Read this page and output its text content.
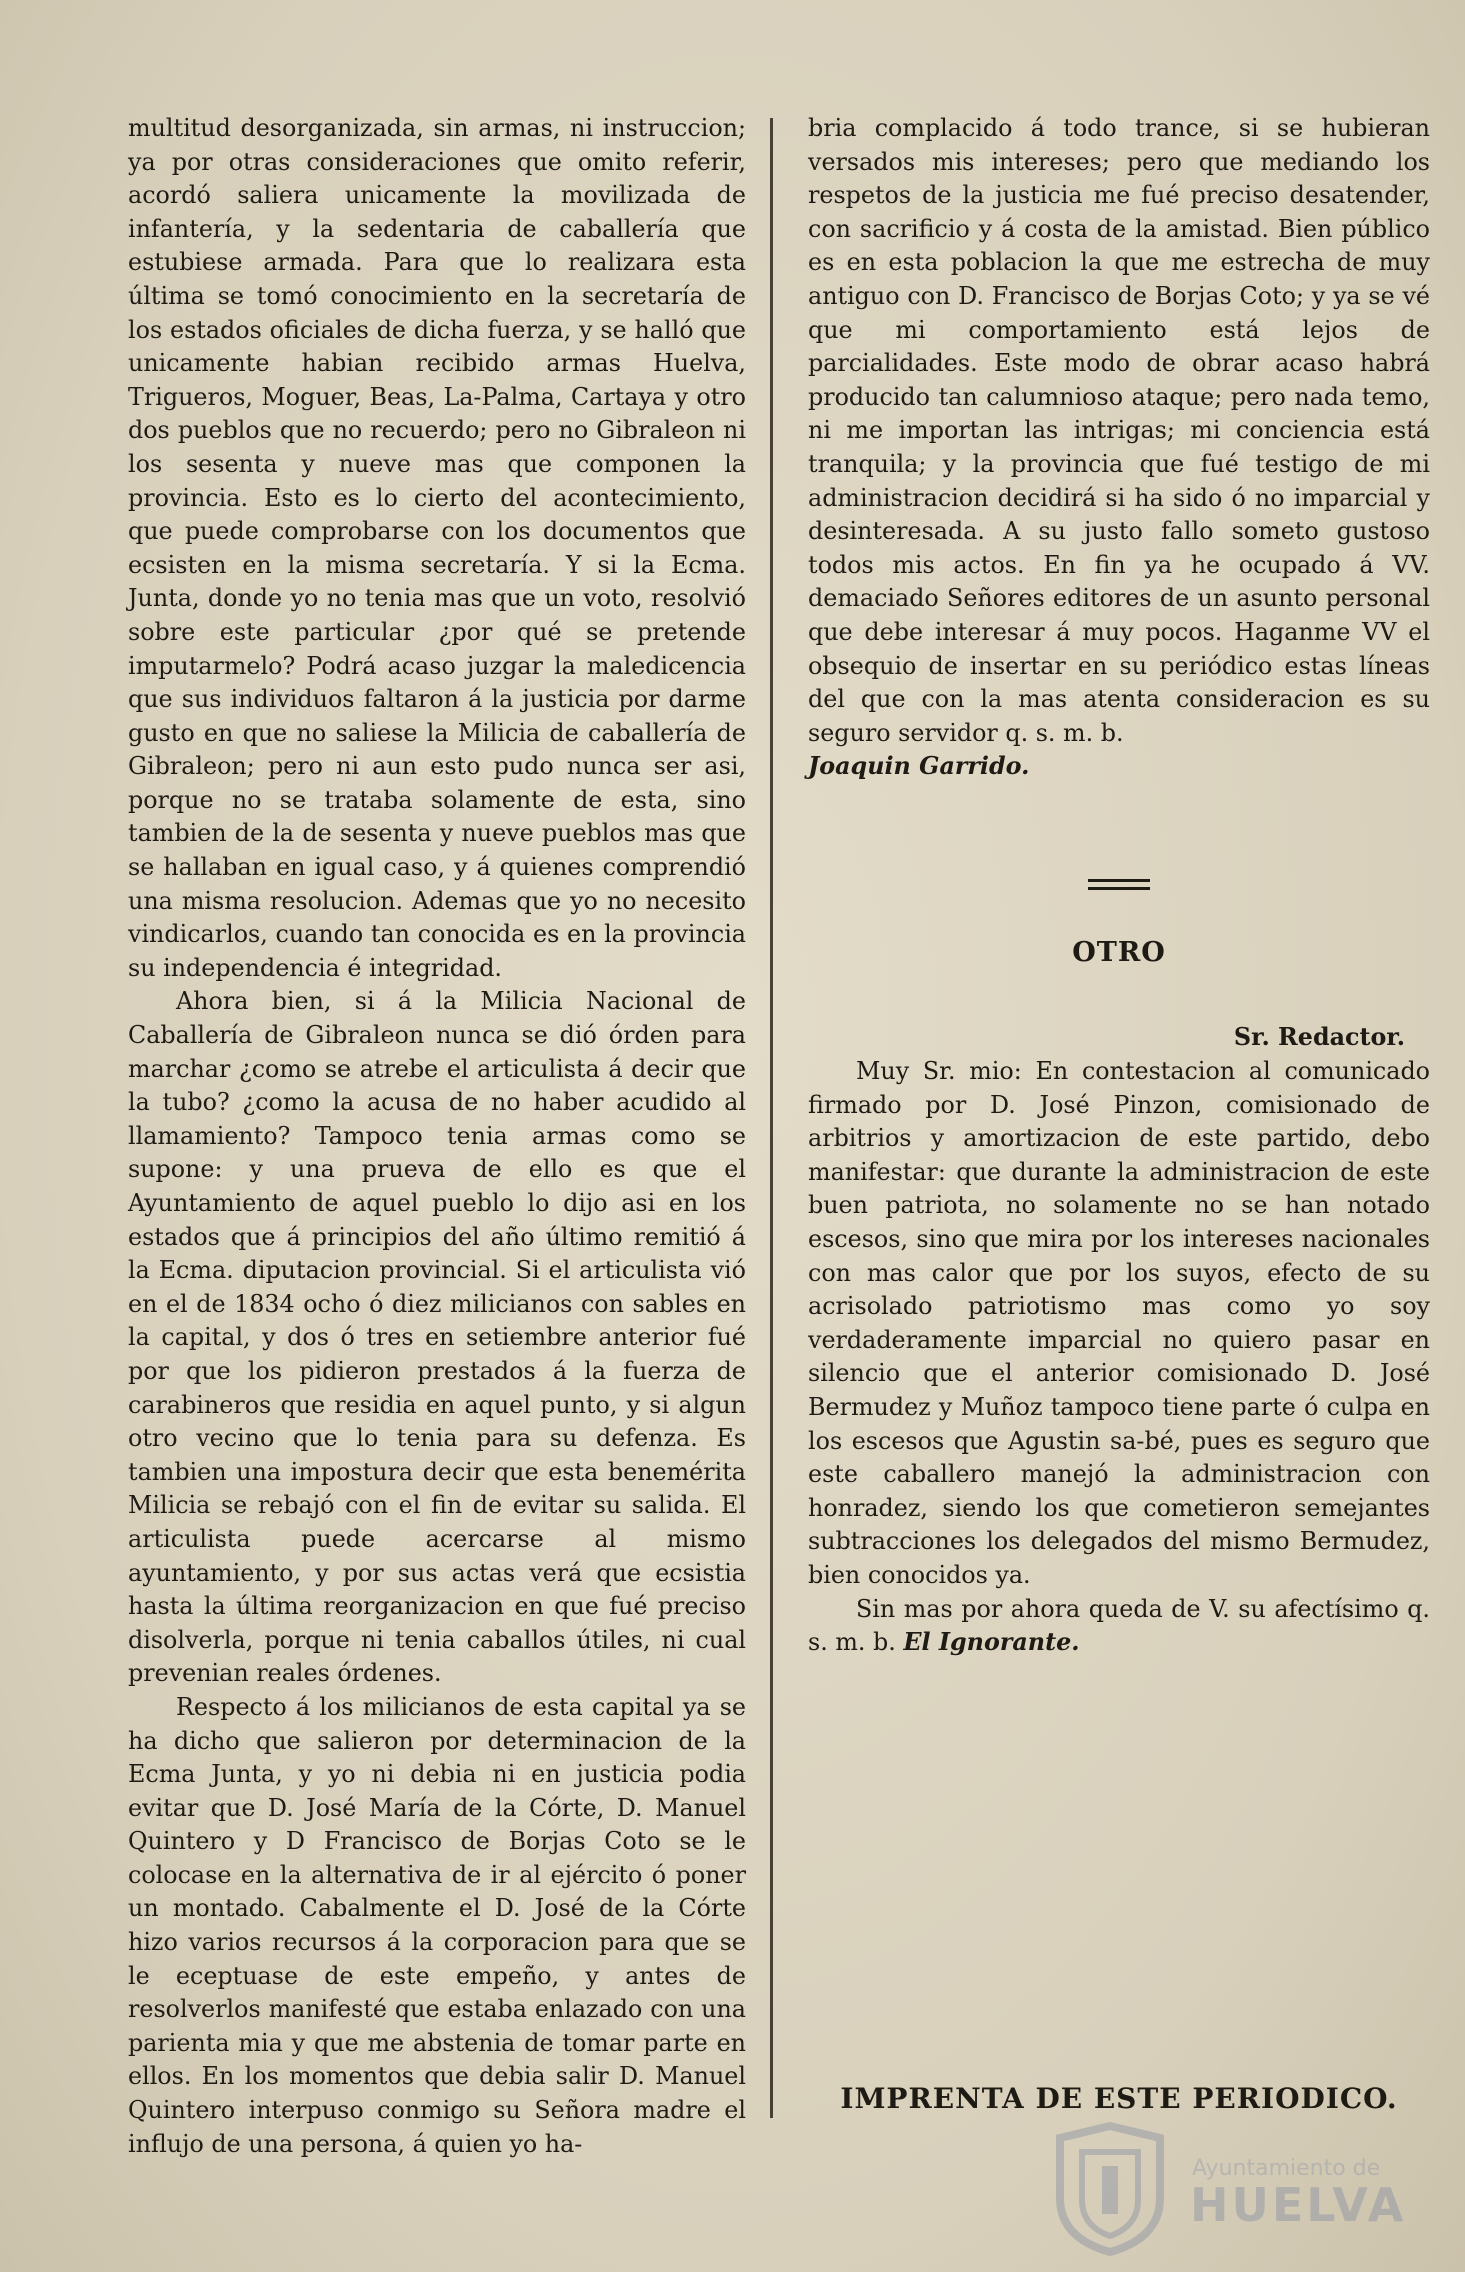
multitud desorganizada, sin armas, ni instruccion; ya por otras consideraciones que omito referir, acordó saliera unicamente la movilizada de infantería, y la sedentaria de caballería que estubiese armada. Para que lo realizara esta última se tomó conocimiento en la secretaría de los estados oficiales de dicha fuerza, y se halló que unicamente habian recibido armas Huelva, Trigueros, Moguer, Beas, La-Palma, Cartaya y otro dos pueblos que no recuerdo; pero no Gibraleon ni los sesenta y nueve mas que componen la provincia. Esto es lo cierto del acontecimiento, que puede comprobarse con los documentos que ecsisten en la misma secretaría. Y si la Ecma. Junta, donde yo no tenia mas que un voto, resolvió sobre este particular ¿por qué se pretende imputarmelo? Podrá acaso juzgar la maledicencia que sus individuos faltaron á la justicia por darme gusto en que no saliese la Milicia de caballería de Gibraleon; pero ni aun esto pudo nunca ser asi, porque no se trataba solamente de esta, sino tambien de la de sesenta y nueve pueblos mas que se hallaban en igual caso, y á quienes comprendió una misma resolucion. Ademas que yo no necesito vindicarlos, cuando tan conocida es en la provincia su independencia é integridad.

Ahora bien, si á la Milicia Nacional de Caballería de Gibraleon nunca se dió órden para marchar ¿como se atrebe el articulista á decir que la tubo? ¿como la acusa de no haber acudido al llamamiento? Tampoco tenia armas como se supone: y una prueva de ello es que el Ayuntamiento de aquel pueblo lo dijo asi en los estados que á principios del año último remitió á la Ecma. diputacion provincial. Si el articulista vió en el de 1834 ocho ó diez milicianos con sables en la capital, y dos ó tres en setiembre anterior fué por que los pidieron prestados á la fuerza de carabineros que residia en aquel punto, y si algun otro vecino que lo tenia para su defenza. Es tambien una impostura decir que esta benemérita Milicia se rebajó con el fin de evitar su salida. El articulista puede acercarse al mismo ayuntamiento, y por sus actas verá que ecsistia hasta la última reorganizacion en que fué preciso disolverla, porque ni tenia caballos útiles, ni cual prevenian reales órdenes.

Respecto á los milicianos de esta capital ya se ha dicho que salieron por determinacion de la Ecma Junta, y yo ni debia ni en justicia podia evitar que D. José María de la Córte, D. Manuel Quintero y D Francisco de Borjas Coto se le colocase en la alternativa de ir al ejército ó poner un montado. Cabalmente el D. José de la Córte hizo varios recursos á la corporacion para que se le eceptuase de este empeño, y antes de resolverlos manifesté que estaba enlazado con una parienta mia y que me abstenia de tomar parte en ellos. En los momentos que debia salir D. Manuel Quintero interpuso conmigo su Señora madre el influjo de una persona, á quien yo ha-

bria complacido á todo trance, si se hubieran versados mis intereses; pero que mediando los respetos de la justicia me fué preciso desatender, con sacrificio y á costa de la amistad. Bien público es en esta poblacion la que me estrecha de muy antiguo con D. Francisco de Borjas Coto; y ya se vé que mi comportamiento está lejos de parcialidades. Este modo de obrar acaso habrá producido tan calumnioso ataque; pero nada temo, ni me importan las intrigas; mi conciencia está tranquila; y la provincia que fué testigo de mi administracion decidirá si ha sido ó no imparcial y desinteresada. A su justo fallo someto gustoso todos mis actos. En fin ya he ocupado á VV. demaciado Señores editores de un asunto personal que debe interesar á muy pocos. Haganme VV el obsequio de insertar en su periódico estas líneas del que con la mas atenta consideracion es su seguro servidor q. s. m. b.

Joaquin Garrido.

OTRO
Sr. Redactor.

Muy Sr. mio: En contestacion al comunicado firmado por D. José Pinzon, comisionado de arbitrios y amortizacion de este partido, debo manifestar: que durante la administracion de este buen patriota, no solamente no se han notado escesos, sino que mira por los intereses nacionales con mas calor que por los suyos, efecto de su acrisolado patriotismo mas como yo soy verdaderamente imparcial no quiero pasar en silencio que el anterior comisionado D. José Bermudez y Muñoz tampoco tiene parte ó culpa en los escesos que Agustin sa-bé, pues es seguro que este caballero manejó la administracion con honradez, siendo los que cometieron semejantes subtracciones los delegados del mismo Bermudez, bien conocidos ya.

Sin mas por ahora queda de V. su afectísimo q. s. m. b. El Ignorante.

IMPRENTA DE ESTE PERIODICO.
Ayuntamiento de
HUELVA
